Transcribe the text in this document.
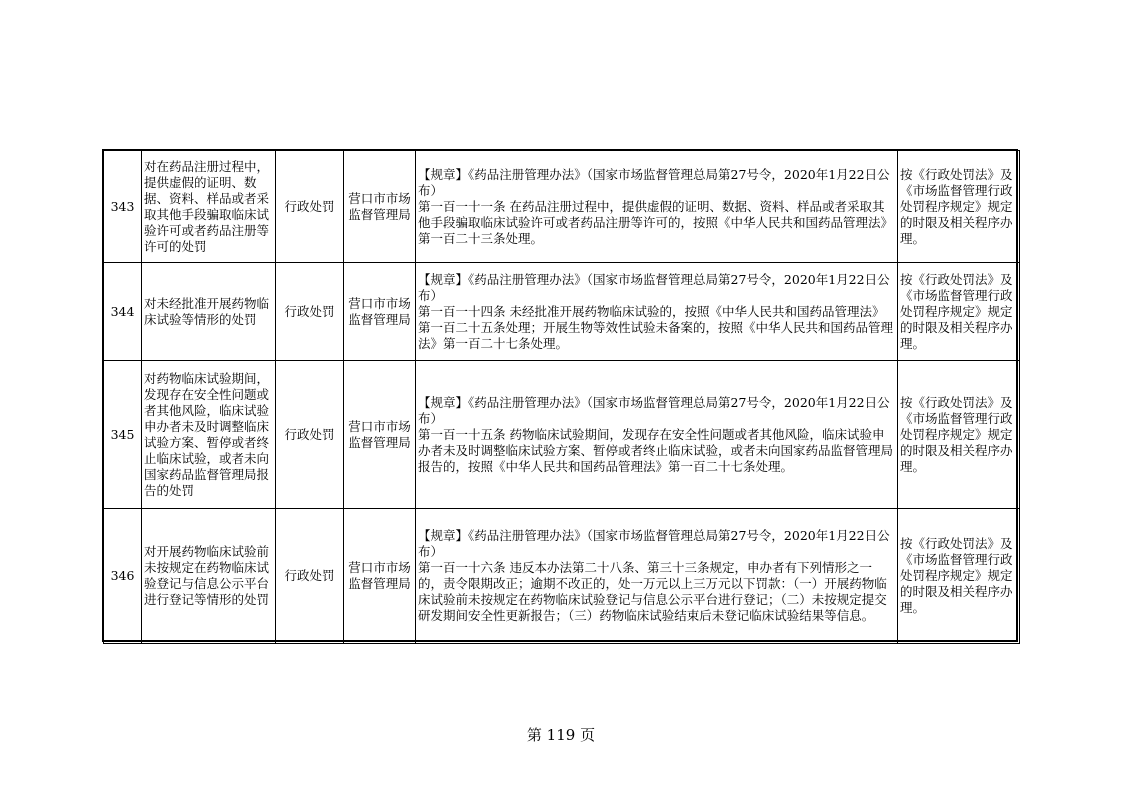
343	对在药品注册过程中，提供虚假的证明、数据、资料、样品或者采取其他手段骗取临床试验许可或者药品注册等许可的处罚	行政处罚	营口市市场监督管理局	【规章】《药品注册管理办法》（国家市场监督管理总局第27号令，2020年1月22日公布）
第一百一十一条 在药品注册过程中，提供虚假的证明、数据、资料、样品或者采取其他手段骗取临床试验许可或者药品注册等许可的，按照《中华人民共和国药品管理法》第一百二十三条处理。	按《行政处罚法》及《市场监督管理行政处罚程序规定》规定的时限及相关程序办理。
344	对未经批准开展药物临床试验等情形的处罚	行政处罚	营口市市场监督管理局	【规章】《药品注册管理办法》（国家市场监督管理总局第27号令，2020年1月22日公布）
第一百一十四条 未经批准开展药物临床试验的，按照《中华人民共和国药品管理法》第一百二十五条处理；开展生物等效性试验未备案的，按照《中华人民共和国药品管理法》第一百二十七条处理。	按《行政处罚法》及《市场监督管理行政处罚程序规定》规定的时限及相关程序办理。
345	对药物临床试验期间，发现存在安全性问题或者其他风险，临床试验申办者未及时调整临床试验方案、暂停或者终止临床试验，或者未向国家药品监督管理局报告的处罚	行政处罚	营口市市场监督管理局	【规章】《药品注册管理办法》（国家市场监督管理总局第27号令，2020年1月22日公布）
第一百一十五条 药物临床试验期间，发现存在安全性问题或者其他风险，临床试验申办者未及时调整临床试验方案、暂停或者终止临床试验，或者未向国家药品监督管理局报告的，按照《中华人民共和国药品管理法》第一百二十七条处理。	按《行政处罚法》及《市场监督管理行政处罚程序规定》规定的时限及相关程序办理。
346	对开展药物临床试验前未按规定在药物临床试验登记与信息公示平台进行登记等情形的处罚	行政处罚	营口市市场监督管理局	【规章】《药品注册管理办法》（国家市场监督管理总局第27号令，2020年1月22日公布）
第一百一十六条 违反本办法第二十八条、第三十三条规定，申办者有下列情形之一的，责令限期改正；逾期不改正的，处一万元以上三万元以下罚款：（一）开展药物临床试验前未按规定在药物临床试验登记与信息公示平台进行登记；（二）未按规定提交研发期间安全性更新报告；（三）药物临床试验结束后未登记临床试验结果等信息。	按《行政处罚法》及《市场监督管理行政处罚程序规定》规定的时限及相关程序办理。
第 119 页
